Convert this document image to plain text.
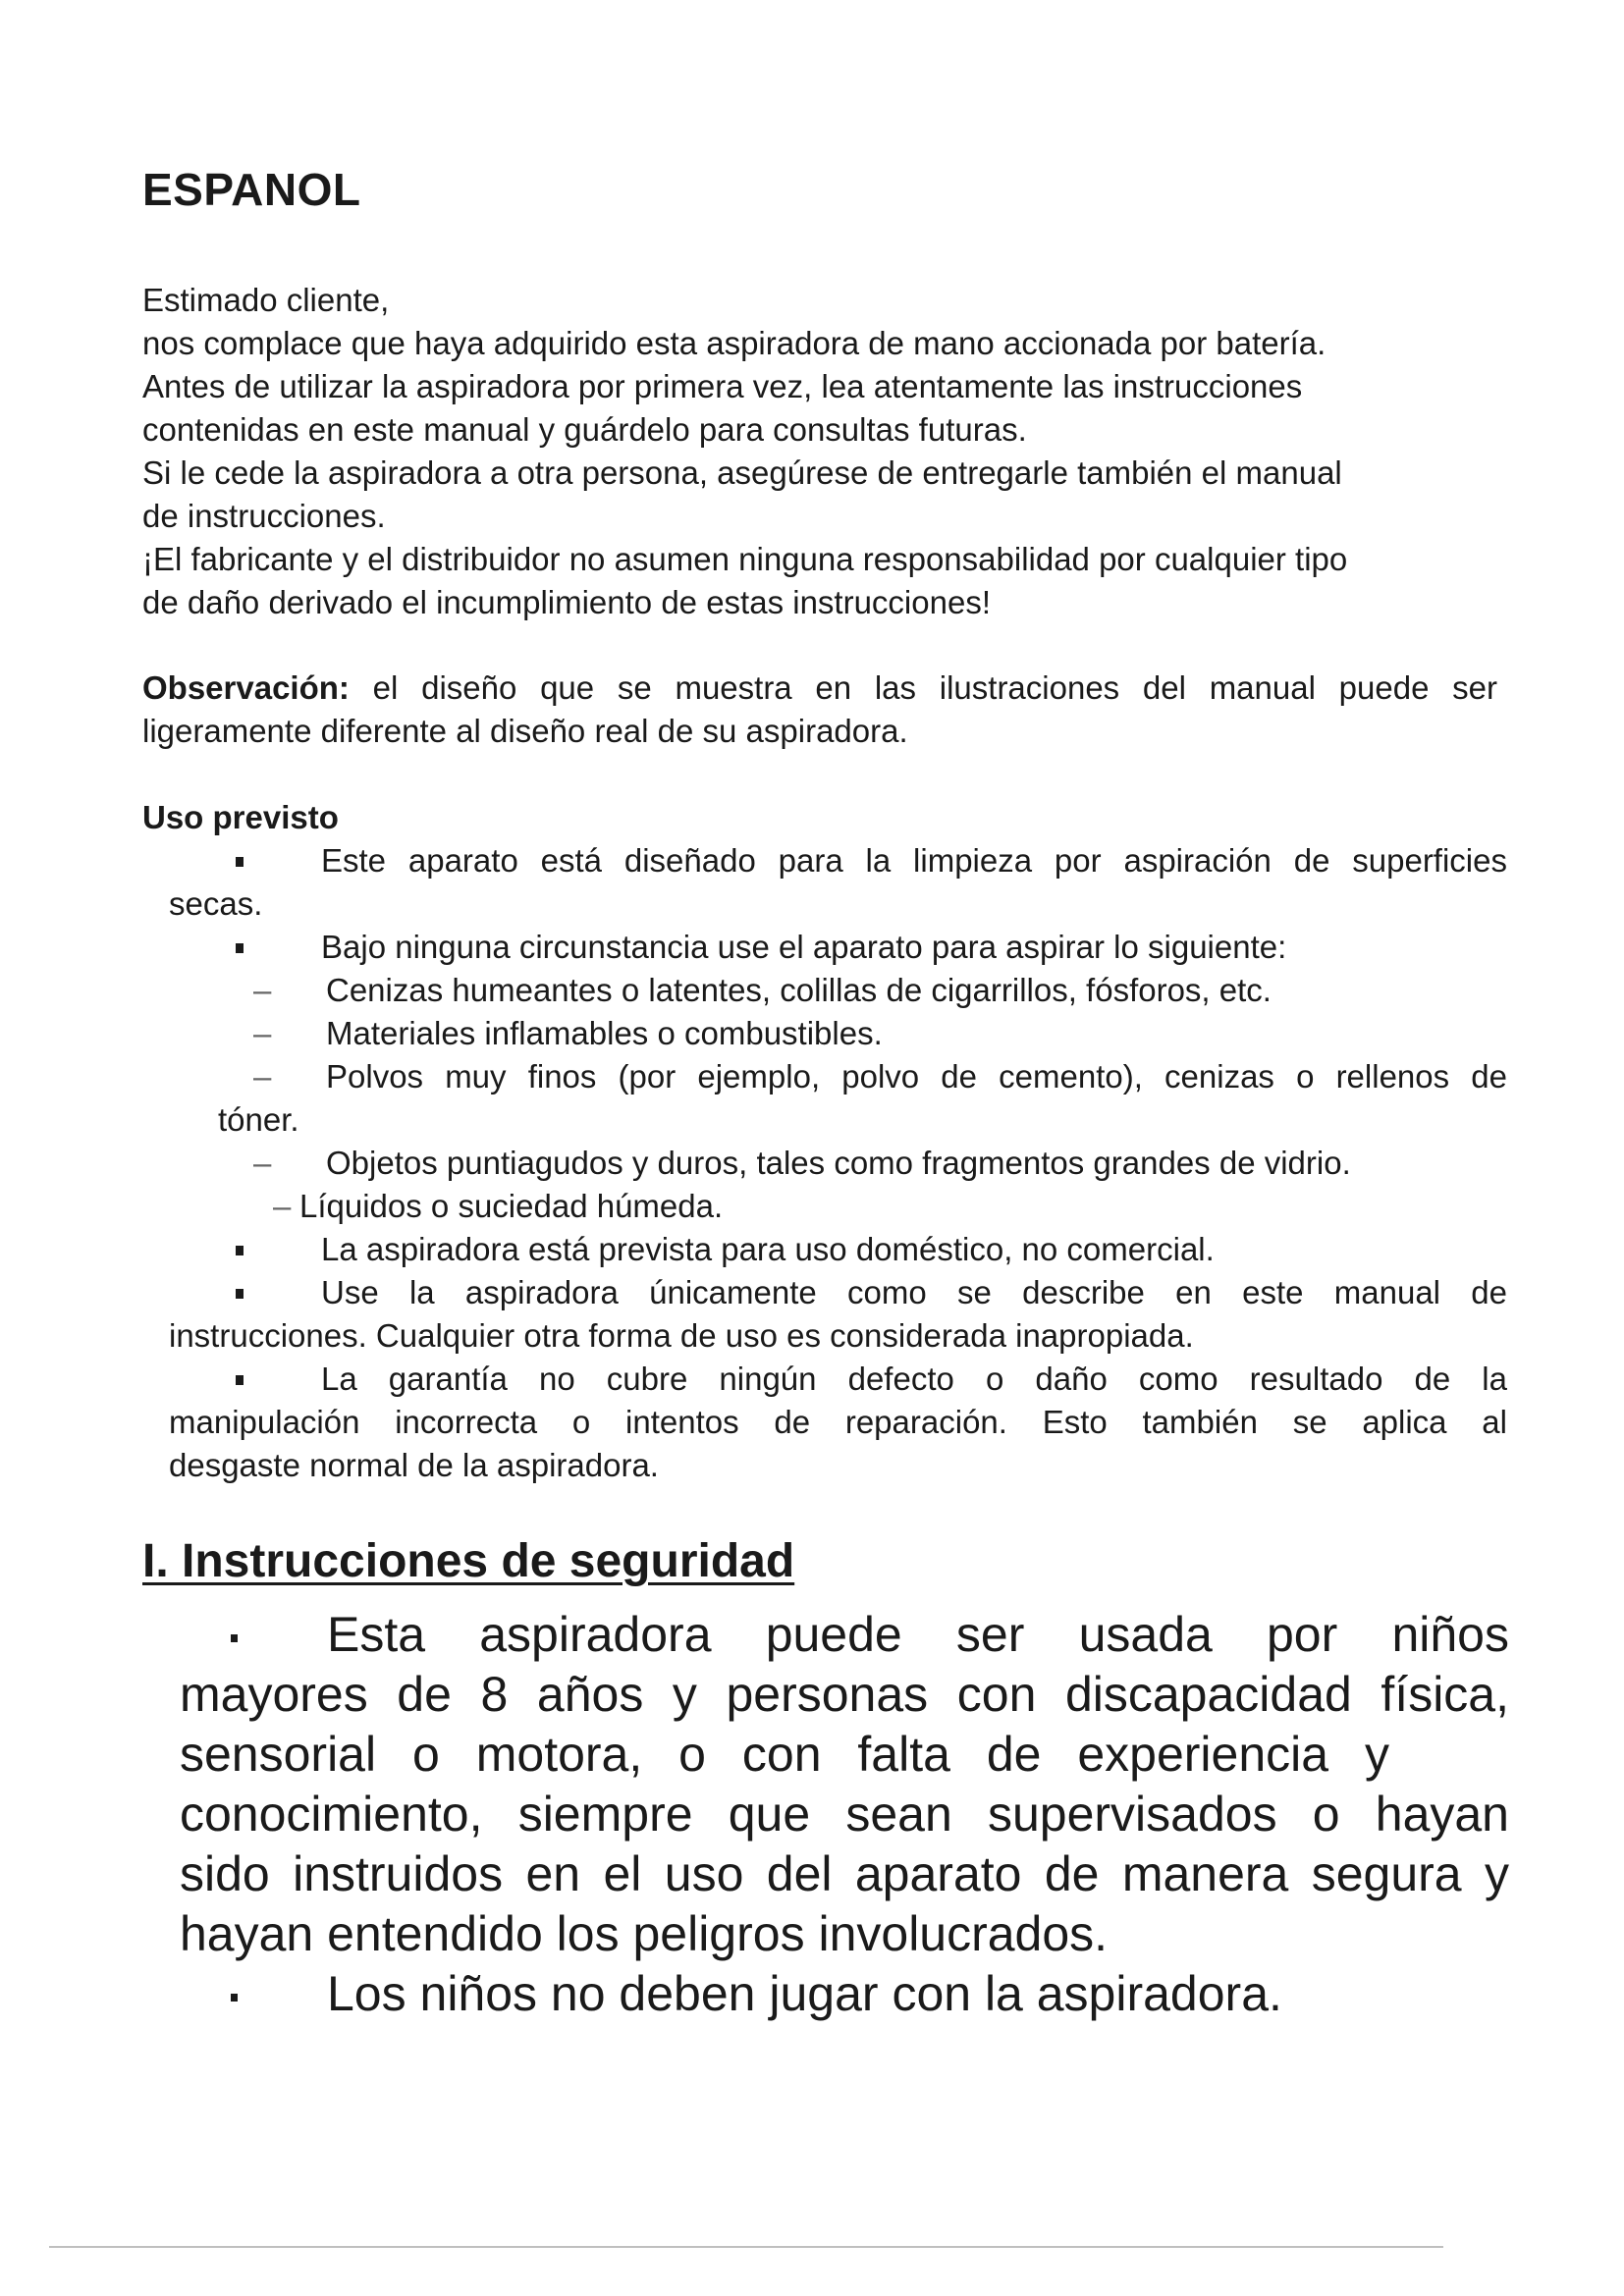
ESPANOL

Estimado cliente,

nos complace que haya adquirido esta aspiradora de mano accionada por batería.

Antes de utilizar la aspiradora por primera vez, lea atentamente las instrucciones

contenidas en este manual y guárdelo para consultas futuras.

Si le cede la aspiradora a otra persona, asegúrese de entregarle también el manual

de instrucciones.

¡El fabricante y el distribuidor no asumen ninguna responsabilidad por cualquier tipo

de daño derivado el incumplimiento de estas instrucciones!

Observación: el diseño que se muestra en las ilustraciones del manual puede ser ligeramente diferente al diseño real de su aspiradora.
Uso previsto
Este aparato está diseñado para la limpieza por aspiración de superficies
secas.
Bajo ninguna circunstancia use el aparato para aspirar lo siguiente:
– Cenizas humeantes o latentes, colillas de cigarrillos, fósforos, etc.
– Materiales inflamables o combustibles.
– Polvos muy finos (por ejemplo, polvo de cemento), cenizas o rellenos de
tóner.
– Objetos puntiagudos y duros, tales como fragmentos grandes de vidrio.
– Líquidos o suciedad húmeda.
La aspiradora está prevista para uso doméstico, no comercial.
Use la aspiradora únicamente como se describe en este manual de
instrucciones. Cualquier otra forma de uso es considerada inapropiada.
La garantía no cubre ningún defecto o daño como resultado de la
manipulación incorrecta o intentos de reparación. Esto también se aplica al
desgaste normal de la aspiradora.
I. Instrucciones de seguridad
Esta aspiradora puede ser usada por niños
mayores de 8 años y personas con discapacidad física,
sensorial o motora, o con falta de experiencia y
conocimiento, siempre que sean supervisados o hayan
sido instruidos en el uso del aparato de manera segura y
hayan entendido los peligros involucrados.
Los niños no deben jugar con la aspiradora.
